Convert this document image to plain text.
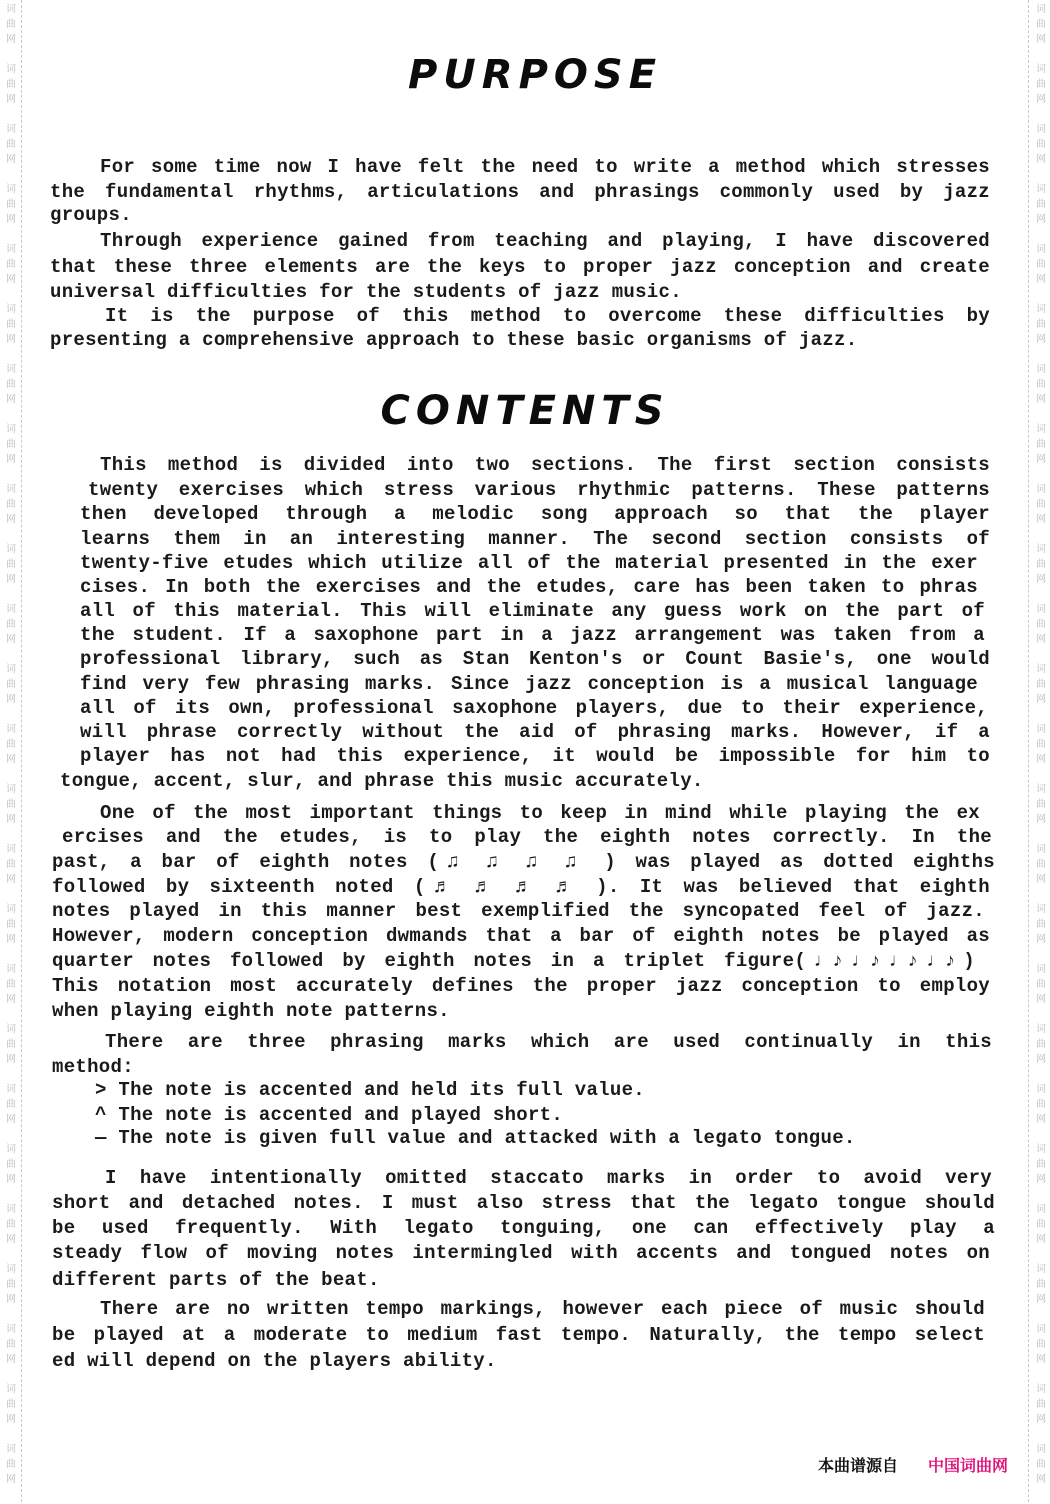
词
曲
网
词
曲
网
词
曲
网
词
曲
网
词
曲
网
词
曲
网
词
曲
网
词
曲
网
词
曲
网
词
曲
网
词
曲
网
词
曲
网
词
曲
网
词
曲
网
词
曲
网
词
曲
网
词
曲
网
词
曲
网
词
曲
网
词
曲
网
词
曲
网
词
曲
网
词
曲
网
词
曲
网
词
曲
网
词
曲
网
词
曲
网
词
曲
网
词
曲
网
词
曲
网
词
曲
网
词
曲
网
词
曲
网
词
曲
网
词
曲
网
词
曲
网
词
曲
网
词
曲
网
词
曲
网
词
曲
网
词
曲
网
词
曲
网
词
曲
网
词
曲
网
词
曲
网
词
曲
网
词
曲
网
词
曲
网
词
曲
网
词
曲
网
PURPOSE
For some time now I have felt the need to write a method which stresses
the fundamental rhythms, articulations and phrasings commonly used by jazz
groups.
Through experience gained from teaching and playing, I have discovered
that these three elements are the keys to proper jazz conception and create
universal difficulties for the students of jazz music.
It is the purpose of this method to overcome these difficulties by
presenting a comprehensive approach to these basic organisms of jazz.
CONTENTS
This method is divided into two sections. The first section consists
twenty exercises which stress various rhythmic patterns. These patterns
then developed through a melodic song approach so that the player
learns them in an interesting manner. The second section consists of
twenty-five etudes which utilize all of the material presented in the exer
cises. In both the exercises and the etudes, care has been taken to phras
all of this material. This will eliminate any guess work on the part of
the student. If a saxophone part in a jazz arrangement was taken from a
professional library, such as Stan Kenton's or Count Basie's, one would
find very few phrasing marks. Since jazz conception is a musical language
all of its own, professional saxophone players, due to their experience,
will phrase correctly without the aid of phrasing marks. However, if a
player has not had this experience, it would be impossible for him to
tongue, accent, slur, and phrase this music accurately.
One of the most important things to keep in mind while playing the ex
ercises and the etudes, is to play the eighth notes correctly. In the
past, a bar of eighth notes (♫ ♫ ♫ ♫ ) was played as dotted eighths
followed by sixteenth noted (♬ ♬ ♬ ♬ ). It was believed that eighth
notes played in this manner best exemplified the syncopated feel of jazz.
However, modern conception dwmands that a bar of eighth notes be played as
quarter notes followed by eighth notes in a triplet figure(♩♪♩♪♩♪♩♪)
This notation most accurately defines the proper jazz conception to employ
when playing eighth note patterns.
There are three phrasing marks which are used continually in this
method:
> The note is accented and held its full value.
^ The note is accented and played short.
— The note is given full value and attacked with a legato tongue.
I have intentionally omitted staccato marks in order to avoid very
short and detached notes. I must also stress that the legato tongue should
be used frequently. With legato tonguing, one can effectively play a
steady flow of moving notes intermingled with accents and tongued notes on
different parts of the beat.
There are no written tempo markings, however each piece of music should
be played at a moderate to medium fast tempo. Naturally, the tempo select
ed will depend on the players ability.
本曲谱源自 中国词曲网
